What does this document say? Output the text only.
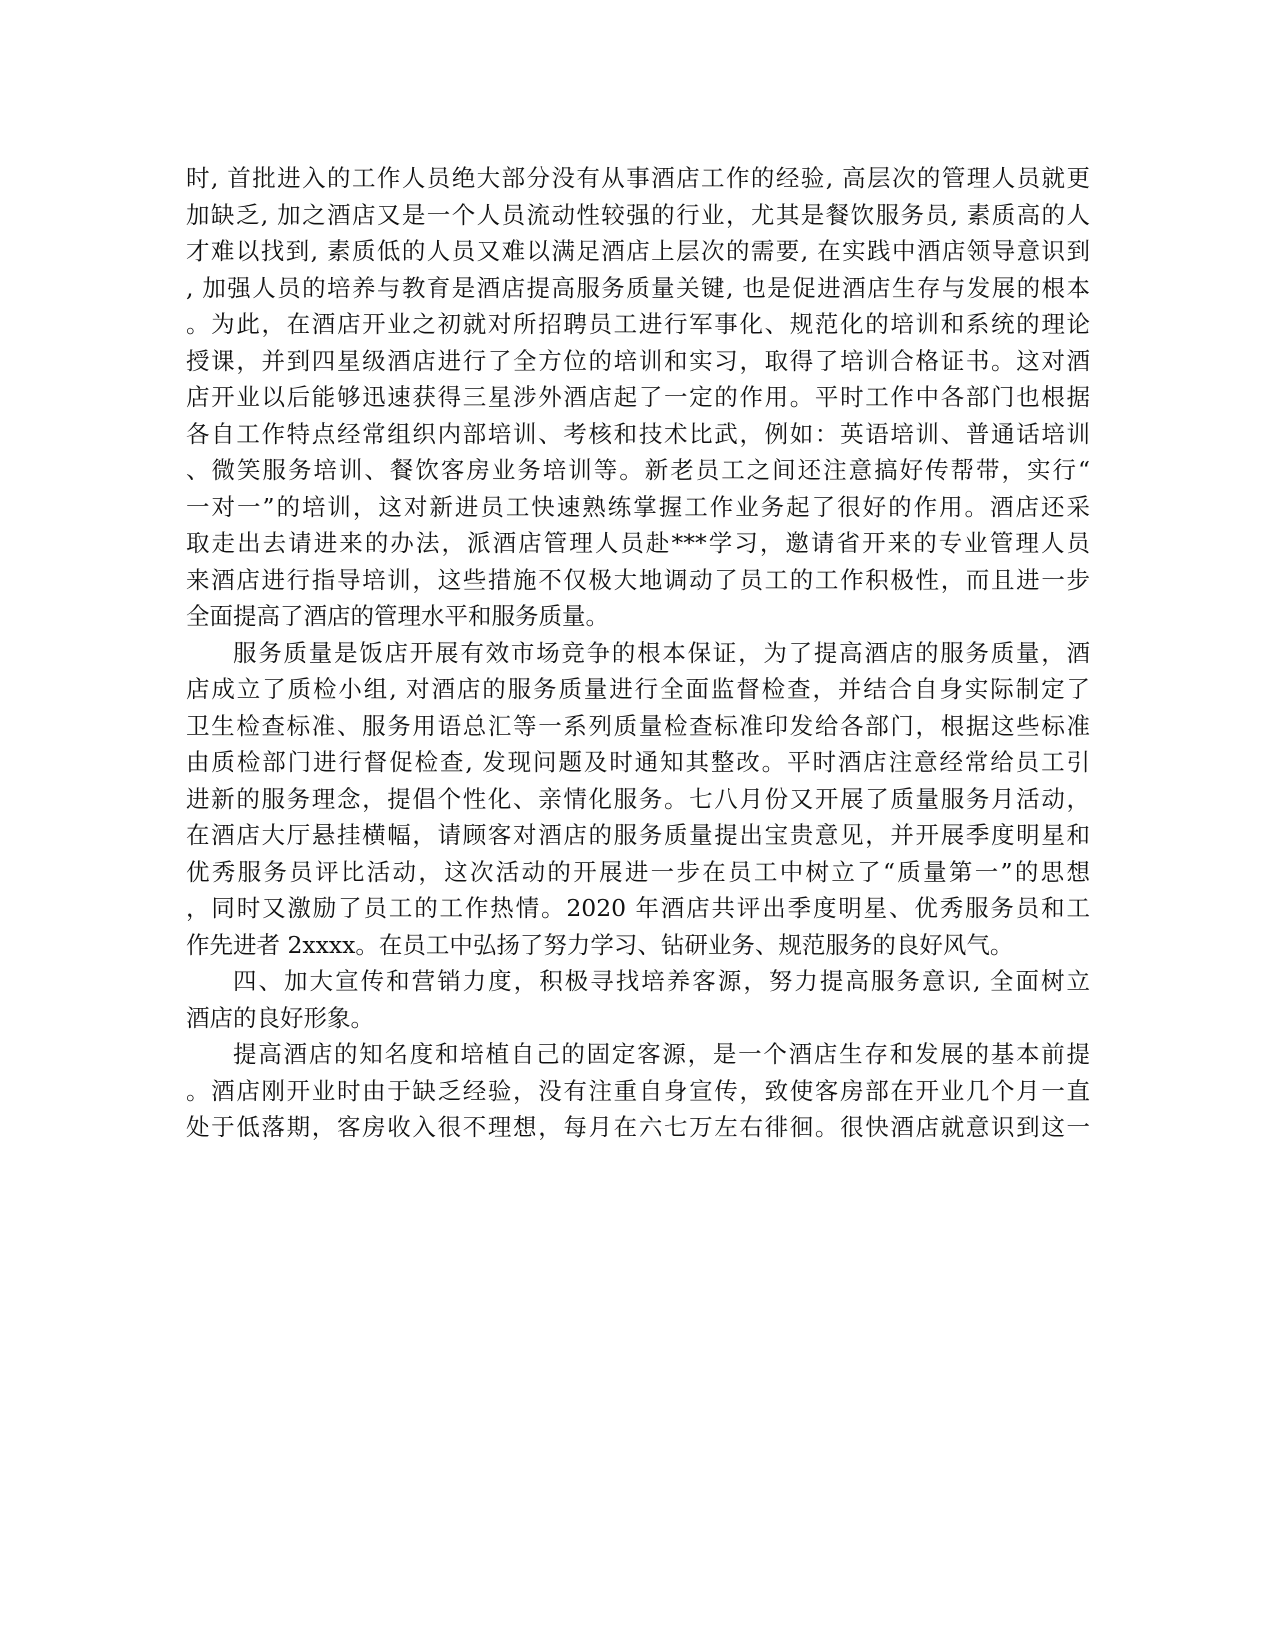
时, 首批进入的工作人员绝大部分没有从事酒店工作的经验, 高层次的管理人员就更
加缺乏, 加之酒店又是一个人员流动性较强的行业，尤其是餐饮服务员, 素质高的人
才难以找到, 素质低的人员又难以满足酒店上层次的需要, 在实践中酒店领导意识到
, 加强人员的培养与教育是酒店提高服务质量关键, 也是促进酒店生存与发展的根本
。为此，在酒店开业之初就对所招聘员工进行军事化、规范化的培训和系统的理论
授课，并到四星级酒店进行了全方位的培训和实习，取得了培训合格证书。这对酒
店开业以后能够迅速获得三星涉外酒店起了一定的作用。平时工作中各部门也根据
各自工作特点经常组织内部培训、考核和技术比武，例如：英语培训、普通话培训
、微笑服务培训、餐饮客房业务培训等。新老员工之间还注意搞好传帮带，实行“
一对一”的培训，这对新进员工快速熟练掌握工作业务起了很好的作用。酒店还采
取走出去请进来的办法，派酒店管理人员赴***学习，邀请省开来的专业管理人员
来酒店进行指导培训，这些措施不仅极大地调动了员工的工作积极性，而且进一步
全面提高了酒店的管理水平和服务质量。
服务质量是饭店开展有效市场竞争的根本保证，为了提高酒店的服务质量，酒
店成立了质检小组, 对酒店的服务质量进行全面监督检查，并结合自身实际制定了
卫生检查标准、服务用语总汇等一系列质量检查标准印发给各部门，根据这些标准
由质检部门进行督促检查, 发现问题及时通知其整改。平时酒店注意经常给员工引
进新的服务理念，提倡个性化、亲情化服务。七八月份又开展了质量服务月活动，
在酒店大厅悬挂横幅，请顾客对酒店的服务质量提出宝贵意见，并开展季度明星和
优秀服务员评比活动，这次活动的开展进一步在员工中树立了“质量第一”的思想
，同时又激励了员工的工作热情。2020 年酒店共评出季度明星、优秀服务员和工
作先进者 2xxxx。在员工中弘扬了努力学习、钻研业务、规范服务的良好风气。
四、加大宣传和营销力度，积极寻找培养客源，努力提高服务意识, 全面树立
酒店的良好形象。
提高酒店的知名度和培植自己的固定客源，是一个酒店生存和发展的基本前提
。酒店刚开业时由于缺乏经验，没有注重自身宣传，致使客房部在开业几个月一直
处于低落期，客房收入很不理想，每月在六七万左右徘徊。很快酒店就意识到这一
